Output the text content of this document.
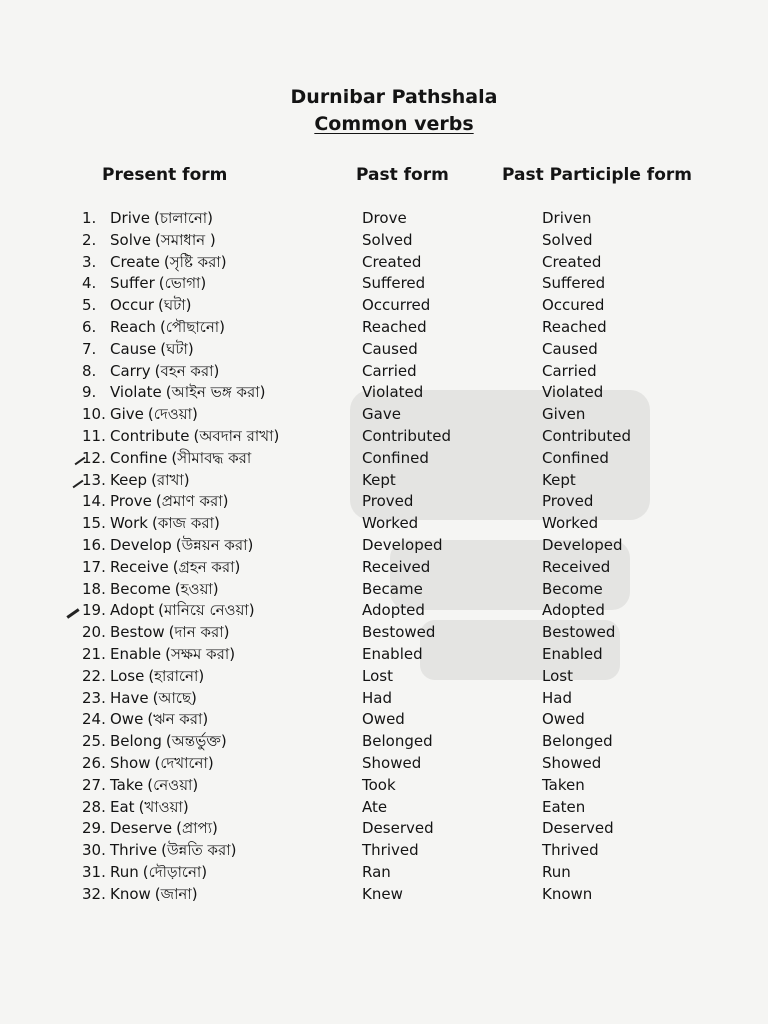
Durnibar Pathshala
Common verbs
Present form	Past form	Past Participle form
1. Drive (চালানো)	Drove	Driven
2. Solve (সমাধান )	Solved	Solved
3. Create (সৃষ্টি করা)	Created	Created
4. Suffer (ভোগা)	Suffered	Suffered
5. Occur (ঘটা)	Occurred	Occured
6. Reach (পৌছানো)	Reached	Reached
7. Cause (ঘটা)	Caused	Caused
8. Carry (বহন করা)	Carried	Carried
9. Violate (আইন ভঙ্গ করা)	Violated	Violated
10. Give (দেওয়া)	Gave	Given
11. Contribute (অবদান রাখা)	Contributed	Contributed
12. Confine (সীমাবদ্ধ করা	Confined	Confined
13. Keep (রাখা)	Kept	Kept
14. Prove (প্রমাণ করা)	Proved	Proved
15. Work (কাজ করা)	Worked	Worked
16. Develop (উন্নয়ন করা)	Developed	Developed
17. Receive (গ্রহন করা)	Received	Received
18. Become (হওয়া)	Became	Become
19. Adopt (মানিয়ে নেওয়া)	Adopted	Adopted
20. Bestow (দান করা)	Bestowed	Bestowed
21. Enable (সক্ষম করা)	Enabled	Enabled
22. Lose (হারানো)	Lost	Lost
23. Have (আছে)	Had	Had
24. Owe (ঋন করা)	Owed	Owed
25. Belong (অন্তর্ভুক্ত)	Belonged	Belonged
26. Show (দেখানো)	Showed	Showed
27. Take (নেওয়া)	Took	Taken
28. Eat (খাওয়া)	Ate	Eaten
29. Deserve (প্রাপ্য)	Deserved	Deserved
30. Thrive (উন্নতি করা)	Thrived	Thrived
31. Run (দৌড়ানো)	Ran	Run
32. Know (জানা)	Knew	Known
